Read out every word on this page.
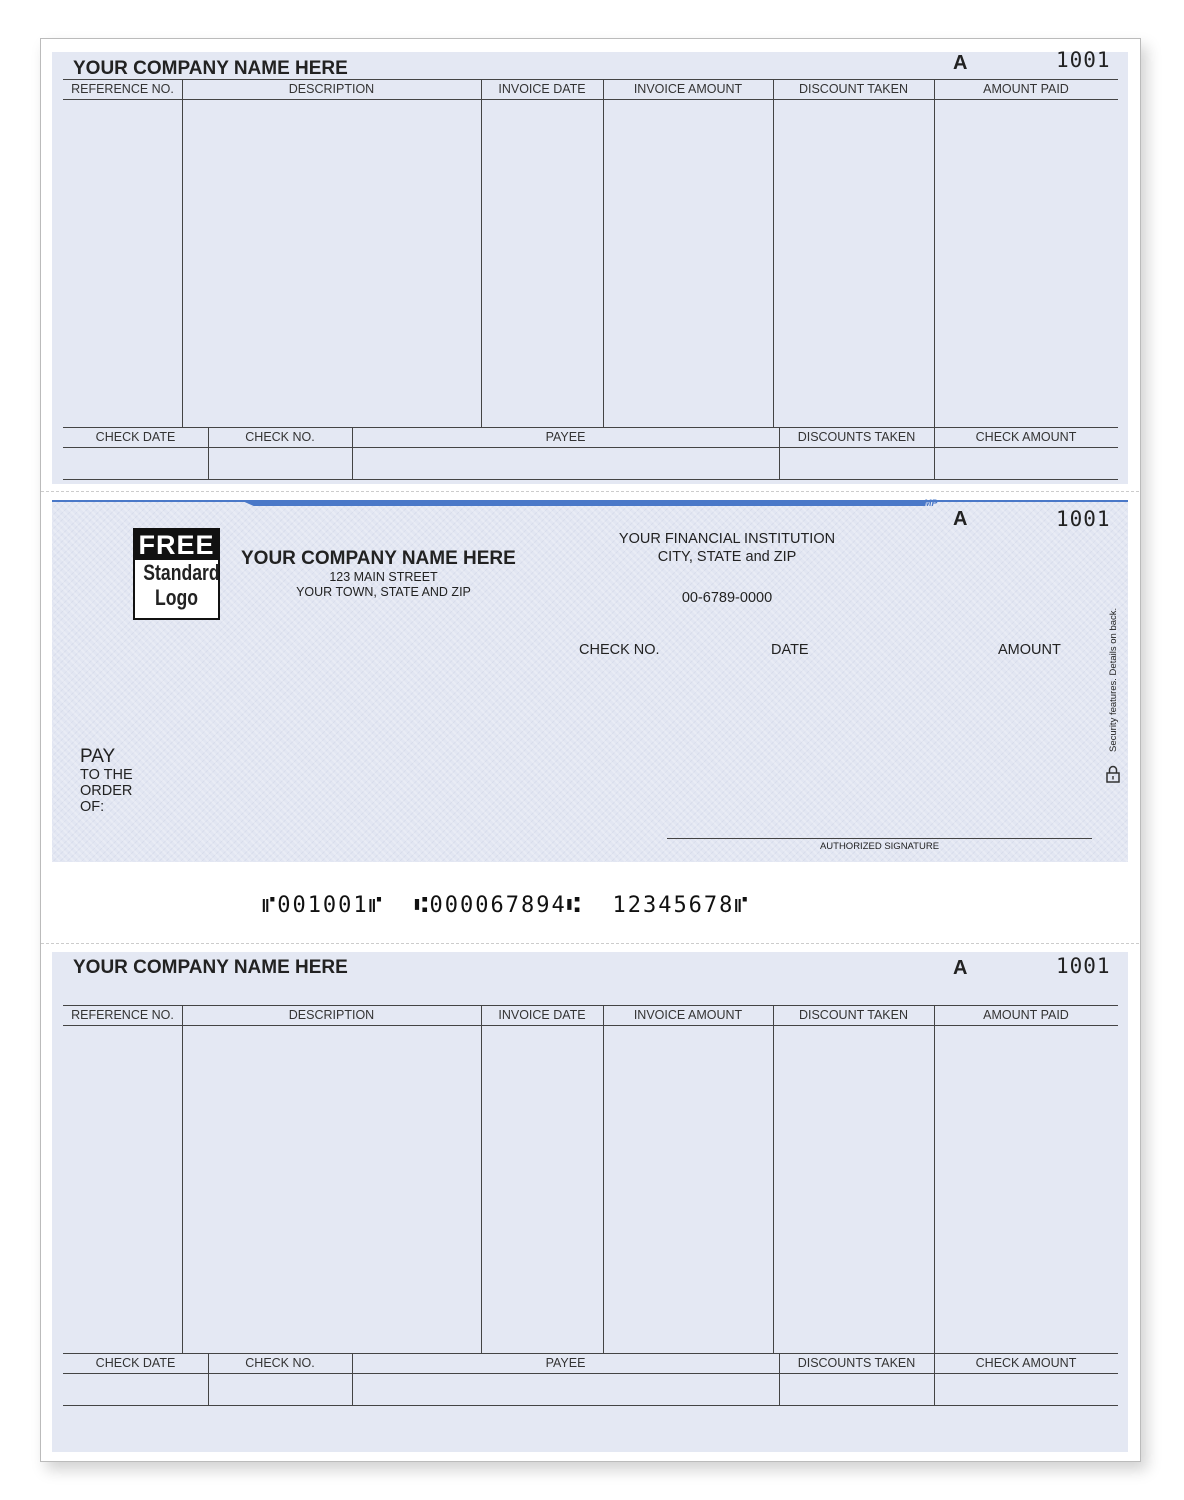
YOUR COMPANY NAME HERE	A	1001
REFERENCE NO.	DESCRIPTION	INVOICE DATE	INVOICE AMOUNT	DISCOUNT TAKEN	AMOUNT PAID
CHECK DATE	CHECK NO.	PAYEE	DISCOUNTS TAKEN	CHECK AMOUNT
MP
FREE
Standard
Logo
YOUR COMPANY NAME HERE
123 MAIN STREET
YOUR TOWN, STATE AND ZIP
YOUR FINANCIAL INSTITUTION
CITY, STATE and ZIP
00-6789-0000
A	1001
CHECK NO.	DATE	AMOUNT
PAY
TO THE
ORDER
OF:
AUTHORIZED SIGNATURE
Security features. Details on back.
⑈001001⑈  ⑆000067894⑆  12345678⑈
YOUR COMPANY NAME HERE	A	1001
REFERENCE NO.	DESCRIPTION	INVOICE DATE	INVOICE AMOUNT	DISCOUNT TAKEN	AMOUNT PAID
CHECK DATE	CHECK NO.	PAYEE	DISCOUNTS TAKEN	CHECK AMOUNT
